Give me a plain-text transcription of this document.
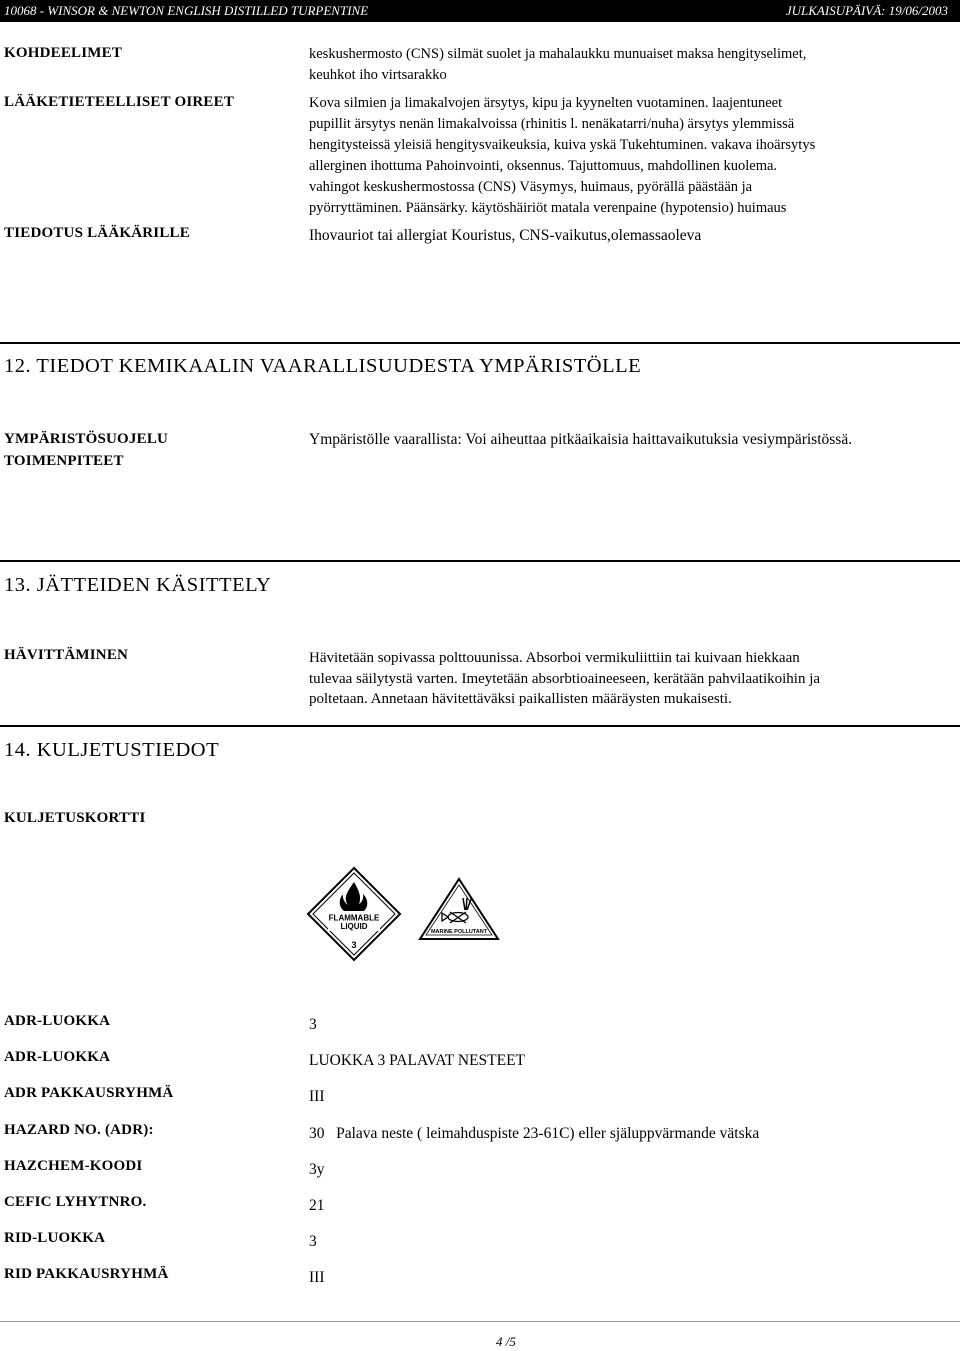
10068 - WINSOR & NEWTON ENGLISH DISTILLED TURPENTINE	JULKAISUPÄIVÄ: 19/06/2003
KOHDEELIMET	keskushermosto (CNS) silmät suolet ja mahalaukku munuaiset maksa hengityselimet,
keuhkot iho virtsarakko
LÄÄKETIETEELLISET OIREET	Kova silmien ja limakalvojen ärsytys, kipu ja kyynelten vuotaminen. laajentuneet
pupillit ärsytys nenän limakalvoissa (rhinitis l. nenäkatarri/nuha) ärsytys ylemmissä
hengitysteissä yleisiä hengitysvaikeuksia, kuiva yskä Tukehtuminen. vakava ihoärsytys
allerginen ihottuma Pahoinvointi, oksennus. Tajuttomuus, mahdollinen kuolema.
vahingot keskushermostossa (CNS) Väsymys, huimaus, pyörällä päästään ja
pyörryttäminen. Päänsärky. käytöshäiriöt matala verenpaine (hypotensio) huimaus
TIEDOTUS LÄÄKÄRILLE	Ihovauriot tai allergiat Kouristus, CNS-vaikutus,olemassaoleva
12. TIEDOT KEMIKAALIN VAARALLISUUDESTA YMPÄRISTÖLLE
YMPÄRISTÖSUOJELU
TOIMENPITEET
Ympäristölle vaarallista: Voi aiheuttaa pitkäaikaisia haittavaikutuksia vesiympäristössä.
13. JÄTTEIDEN KÄSITTELY
HÄVITTÄMINEN	Hävitetään sopivassa polttouunissa. Absorboi vermikuliittiin tai kuivaan hiekkaan
tulevaa säilytystä varten. Imeytetään absorbtioaineeseen, kerätään pahvilaatikoihin ja
poltetaan. Annetaan hävitettäväksi paikallisten määräysten mukaisesti.
14. KULJETUSTIEDOT
KULJETUSKORTTI
FLAMMABLE
LIQUID
3
MARINE POLLUTANT
ADR-LUOKKA	3
ADR-LUOKKA	LUOKKA 3 PALAVAT NESTEET
ADR PAKKAUSRYHMÄ	III
HAZARD NO. (ADR):	30   Palava neste ( leimahduspiste 23-61C) eller själuppvärmande vätska
HAZCHEM-KOODI	3y
CEFIC LYHYTNRO.	21
RID-LUOKKA	3
RID PAKKAUSRYHMÄ	III
4 /5
